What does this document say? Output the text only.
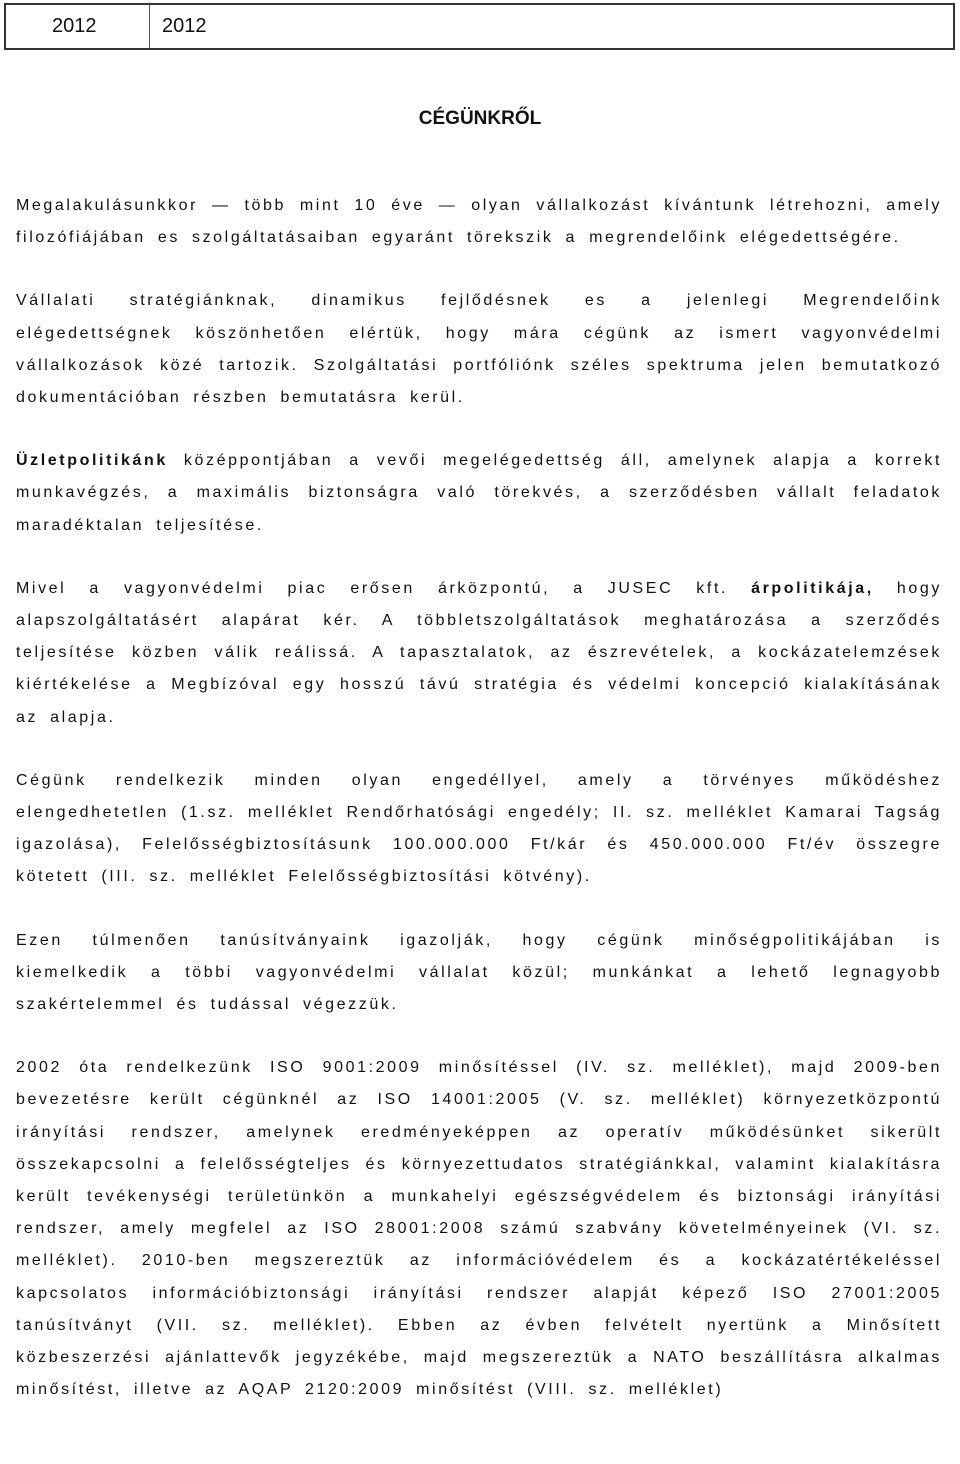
2012	2012
CÉGÜNKRŐL

Megalakulásunkkor — több mint 10 éve — olyan vállalkozást kívántunk létrehozni, amely filozófiájában es szolgáltatásaiban egyaránt törekszik a megrendelőink elégedettségére.

Vállalati stratégiánknak, dinamikus fejlődésnek es a jelenlegi Megrendelőink elégedettségnek köszönhetően elértük, hogy mára cégünk az ismert vagyonvédelmi vállalkozások közé tartozik. Szolgáltatási portfóliónk széles spektruma jelen bemutatkozó dokumentációban részben bemutatásra kerül.

Üzletpolitikánk középpontjában a vevői megelégedettség áll, amelynek alapja a korrekt munkavégzés, a maximális biztonságra való törekvés, a szerződésben vállalt feladatok maradéktalan teljesítése.

Mivel a vagyonvédelmi piac erősen árközpontú, a JUSEC kft. árpolitikája, hogy alapszolgáltatásért alapárat kér. A többletszolgáltatások meghatározása a szerződés teljesítése közben válik reálissá. A tapasztalatok, az észrevételek, a kockázatelemzések kiértékelése a Megbízóval egy hosszú távú stratégia és védelmi koncepció kialakításának az alapja.

Cégünk rendelkezik minden olyan engedéllyel, amely a törvényes működéshez elengedhetetlen (1.sz. melléklet Rendőrhatósági engedély; II. sz. melléklet Kamarai Tagság igazolása), Felelősségbiztosításunk 100.000.000 Ft/kár és 450.000.000 Ft/év összegre kötetett (III. sz. melléklet Felelősségbiztosítási kötvény).

Ezen túlmenően tanúsítványaink igazolják, hogy cégünk minőségpolitikájában is kiemelkedik a többi vagyonvédelmi vállalat közül; munkánkat a lehető legnagyobb szakértelemmel és tudással végezzük.

2002 óta rendelkezünk ISO 9001:2009 minősítéssel (IV. sz. melléklet), majd 2009-ben bevezetésre került cégünknél az ISO 14001:2005 (V. sz. melléklet) környezetközpontú irányítási rendszer, amelynek eredményeképpen az operatív működésünket sikerült összekapcsolni a felelősségteljes és környezettudatos stratégiánkkal, valamint kialakításra került tevékenységi területünkön a munkahelyi egészségvédelem és biztonsági irányítási rendszer, amely megfelel az ISO 28001:2008 számú szabvány követelményeinek (VI. sz. melléklet). 2010-ben megszereztük az információvédelem és a kockázatértékeléssel kapcsolatos információbiztonsági irányítási rendszer alapját képező ISO 27001:2005 tanúsítványt (VII. sz. melléklet). Ebben az évben felvételt nyertünk a Minősített közbeszerzési ajánlattevők jegyzékébe, majd megszereztük a NATO beszállításra alkalmas minősítést, illetve az AQAP 2120:2009 minősítést (VIII. sz. melléklet)
